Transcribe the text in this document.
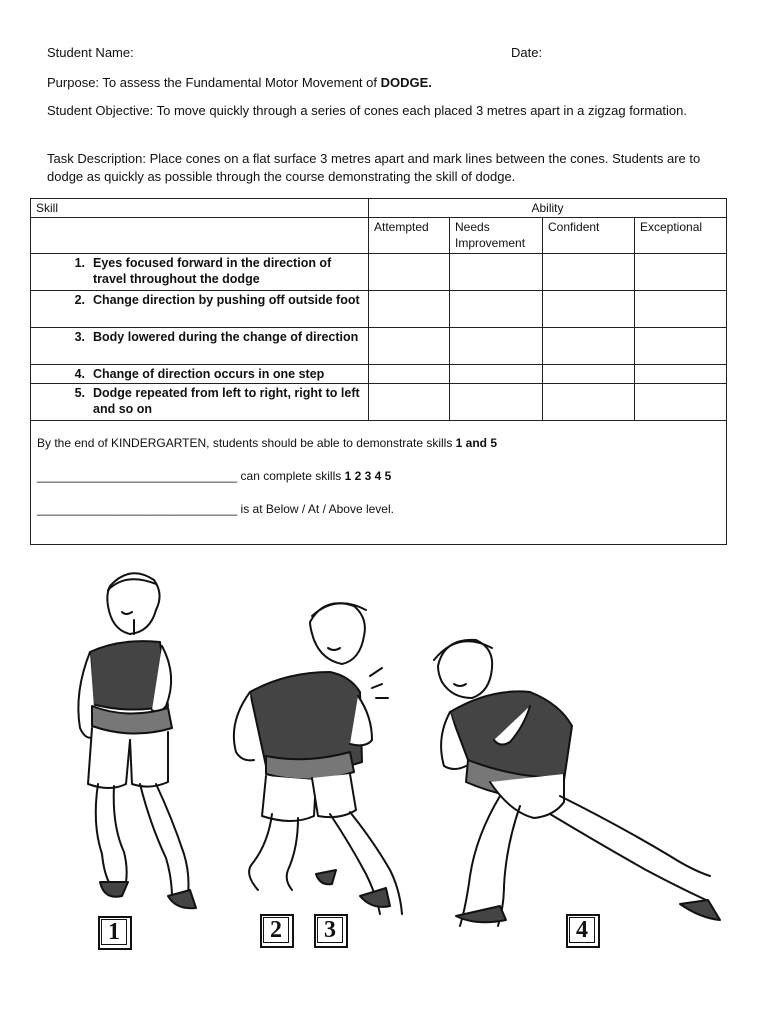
Student Name:	Date:
Purpose: To assess the Fundamental Motor Movement of DODGE.
Student Objective: To move quickly through a series of cones each placed 3 metres apart in a zigzag formation.
Task Description: Place cones on a flat surface 3 metres apart and mark lines between the cones. Students are to dodge as quickly as possible through the course demonstrating the skill of dodge.
Skill	Ability			
	Attempted	Needs Improvement	Confident	Exceptional

1. Eyes focused forward in the direction of travel throughout the dodge				

2. Change direction by pushing off outside foot				

3. Body lowered during the change of direction				

4. Change of direction occurs in one step				

5. Dodge repeated from left to right, right to left and so on				

By the end of KINDERGARTEN, students should be able to demonstrate skills 1 and 5
______________________________ can complete skills 1 2 3 4 5
______________________________ is at Below / At / Above level.				
1	2 3	4
